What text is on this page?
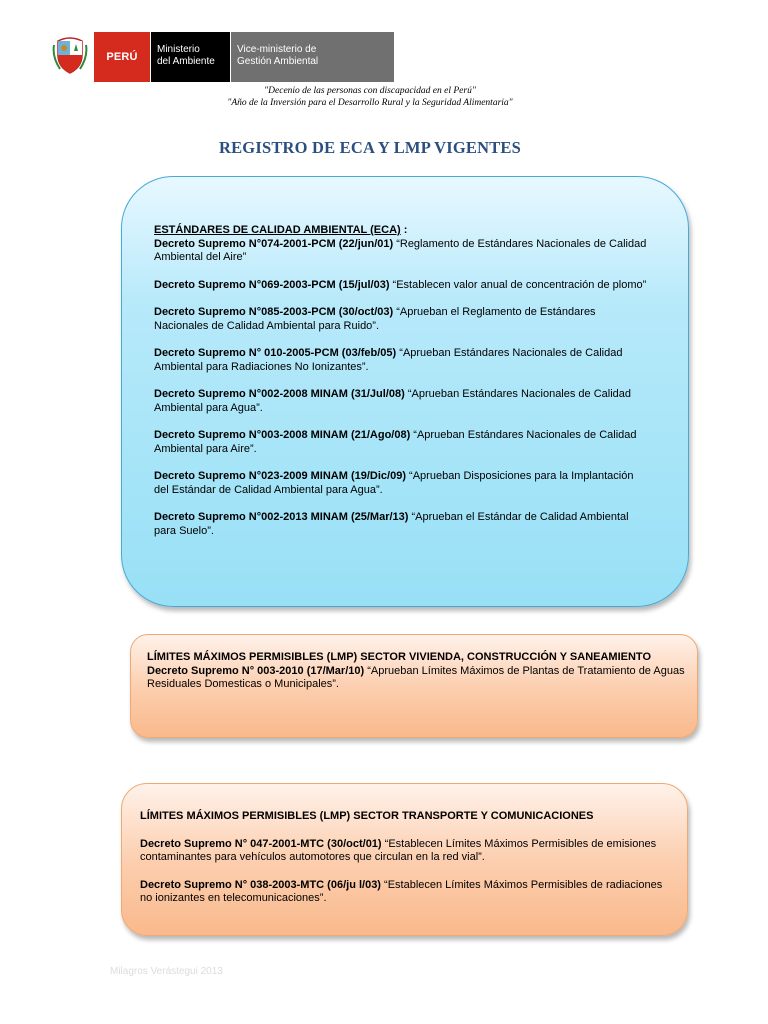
PERÚ
Ministerio
del Ambiente
Vice-ministerio de
Gestión Ambiental
"Decenio de las personas con discapacidad en el Perú"
"Año de la Inversión para el Desarrollo Rural y la Seguridad Alimentaria"
REGISTRO DE ECA Y LMP VIGENTES
ESTÁNDARES DE CALIDAD AMBIENTAL (ECA) :

Decreto Supremo N°074-2001-PCM (22/jun/01) “Reglamento de Estándares Nacionales de Calidad Ambiental del Aire”

Decreto Supremo N°069-2003-PCM (15/jul/03) “Establecen valor anual de concentración de plomo”

Decreto Supremo N°085-2003-PCM (30/oct/03) “Aprueban el Reglamento de Estándares Nacionales de Calidad Ambiental para Ruido”.

Decreto Supremo N° 010-2005-PCM (03/feb/05) “Aprueban Estándares Nacionales de Calidad Ambiental para Radiaciones No Ionizantes”.

Decreto Supremo N°002-2008 MINAM (31/Jul/08) “Aprueban Estándares Nacionales de Calidad Ambiental para Agua”.

Decreto Supremo N°003-2008 MINAM (21/Ago/08) “Aprueban Estándares Nacionales de Calidad Ambiental para Aire”.

Decreto Supremo N°023-2009 MINAM (19/Dic/09) “Aprueban Disposiciones para la Implantación del Estándar de Calidad Ambiental para Agua”.

Decreto Supremo N°002-2013 MINAM (25/Mar/13) “Aprueban el Estándar de Calidad Ambiental para Suelo”.

LÍMITES MÁXIMOS PERMISIBLES (LMP) SECTOR VIVIENDA, CONSTRUCCIÓN Y SANEAMIENTO

Decreto Supremo N° 003-2010 (17/Mar/10) “Aprueban Límites Máximos de Plantas de Tratamiento de Aguas Residuales Domesticas o Municipales”.

LÍMITES MÁXIMOS PERMISIBLES (LMP) SECTOR TRANSPORTE Y COMUNICACIONES

Decreto Supremo N° 047-2001-MTC (30/oct/01) “Establecen Límites Máximos Permisibles de emisiones contaminantes para vehículos automotores que circulan en la red vial”.

Decreto Supremo N° 038-2003-MTC (06/ju l/03) “Establecen Límites Máximos Permisibles de radiaciones no ionizantes en telecomunicaciones”.

Milagros Verástegui 2013
